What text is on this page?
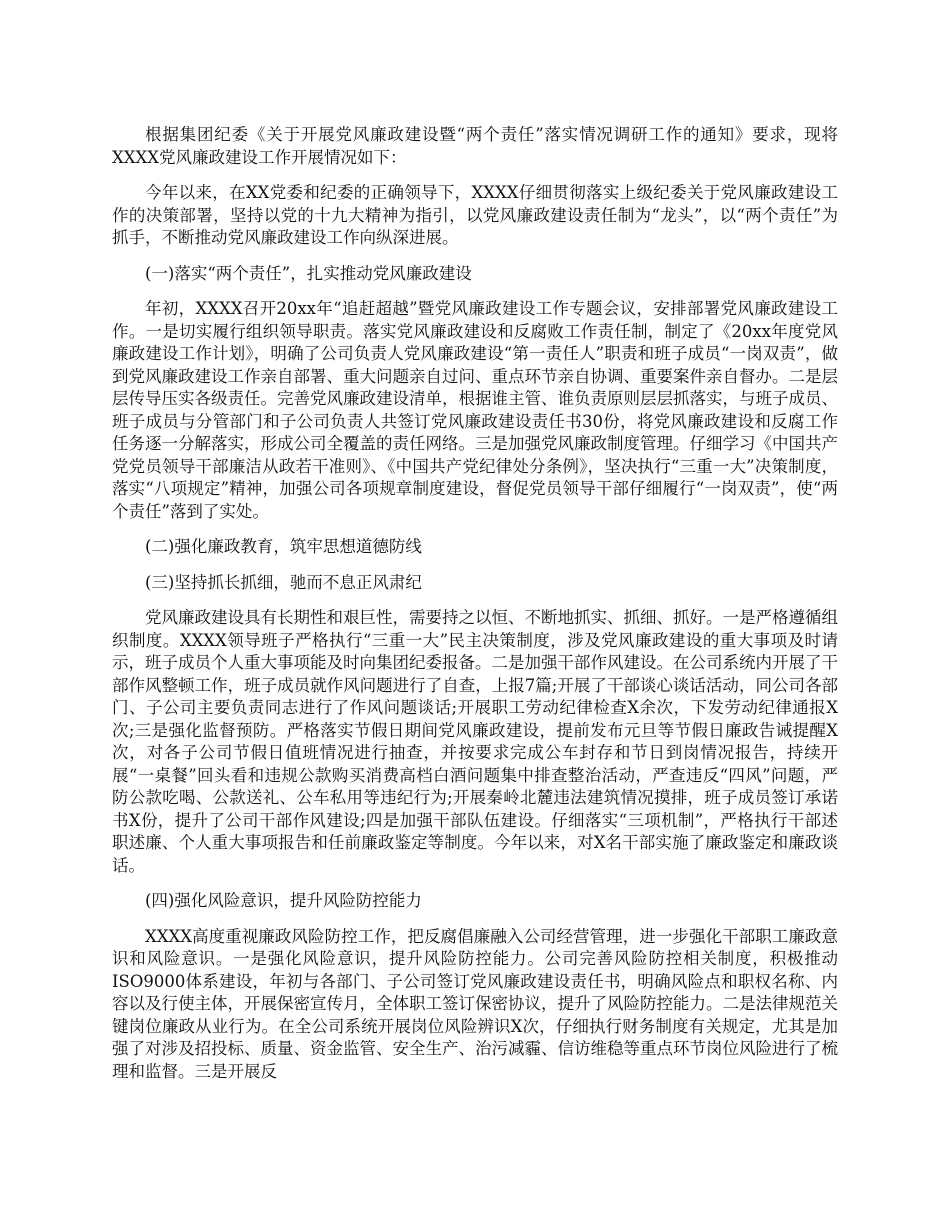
根据集团纪委《关于开展党风廉政建设暨“两个责任”落实情况调研工作的通知》要求，现将XXXX党风廉政建设工作开展情况如下：

今年以来，在XX党委和纪委的正确领导下，XXXX仔细贯彻落实上级纪委关于党风廉政建设工作的决策部署，坚持以党的十九大精神为指引，以党风廉政建设责任制为“龙头”，以“两个责任”为抓手，不断推动党风廉政建设工作向纵深进展。

(一)落实“两个责任”，扎实推动党风廉政建设

年初，XXXX召开20xx年“追赶超越”暨党风廉政建设工作专题会议，安排部署党风廉政建设工作。一是切实履行组织领导职责。落实党风廉政建设和反腐败工作责任制，制定了《20xx年度党风廉政建设工作计划》，明确了公司负责人党风廉政建设“第一责任人”职责和班子成员“一岗双责”，做到党风廉政建设工作亲自部署、重大问题亲自过问、重点环节亲自协调、重要案件亲自督办。二是层层传导压实各级责任。完善党风廉政建设清单，根据谁主管、谁负责原则层层抓落实，与班子成员、班子成员与分管部门和子公司负责人共签订党风廉政建设责任书30份，将党风廉政建设和反腐工作任务逐一分解落实，形成公司全覆盖的责任网络。三是加强党风廉政制度管理。仔细学习《中国共产党党员领导干部廉洁从政若干准则》、《中国共产党纪律处分条例》，坚决执行“三重一大”决策制度，落实“八项规定”精神，加强公司各项规章制度建设，督促党员领导干部仔细履行“一岗双责”，使“两个责任”落到了实处。

(二)强化廉政教育，筑牢思想道德防线

(三)坚持抓长抓细，驰而不息正风肃纪

党风廉政建设具有长期性和艰巨性，需要持之以恒、不断地抓实、抓细、抓好。一是严格遵循组织制度。XXXX领导班子严格执行“三重一大”民主决策制度，涉及党风廉政建设的重大事项及时请示，班子成员个人重大事项能及时向集团纪委报备。二是加强干部作风建设。在公司系统内开展了干部作风整顿工作，班子成员就作风问题进行了自查，上报7篇;开展了干部谈心谈话活动，同公司各部门、子公司主要负责同志进行了作风问题谈话;开展职工劳动纪律检查X余次，下发劳动纪律通报X次;三是强化监督预防。严格落实节假日期间党风廉政建设，提前发布元旦等节假日廉政告诫提醒X次，对各子公司节假日值班情况进行抽查，并按要求完成公车封存和节日到岗情况报告，持续开展“一桌餐”回头看和违规公款购买消费高档白酒问题集中排查整治活动，严查违反“四风”问题，严防公款吃喝、公款送礼、公车私用等违纪行为;开展秦岭北麓违法建筑情况摸排，班子成员签订承诺书X份，提升了公司干部作风建设;四是加强干部队伍建设。仔细落实“三项机制”，严格执行干部述职述廉、个人重大事项报告和任前廉政鉴定等制度。今年以来，对X名干部实施了廉政鉴定和廉政谈话。

(四)强化风险意识，提升风险防控能力

XXXX高度重视廉政风险防控工作，把反腐倡廉融入公司经营管理，进一步强化干部职工廉政意识和风险意识。一是强化风险意识，提升风险防控能力。公司完善风险防控相关制度，积极推动ISO9000体系建设，年初与各部门、子公司签订党风廉政建设责任书，明确风险点和职权名称、内容以及行使主体，开展保密宣传月，全体职工签订保密协议，提升了风险防控能力。二是法律规范关键岗位廉政从业行为。在全公司系统开展岗位风险辨识X次，仔细执行财务制度有关规定，尤其是加强了对涉及招投标、质量、资金监管、安全生产、治污减霾、信访维稳等重点环节岗位风险进行了梳理和监督。三是开展反
